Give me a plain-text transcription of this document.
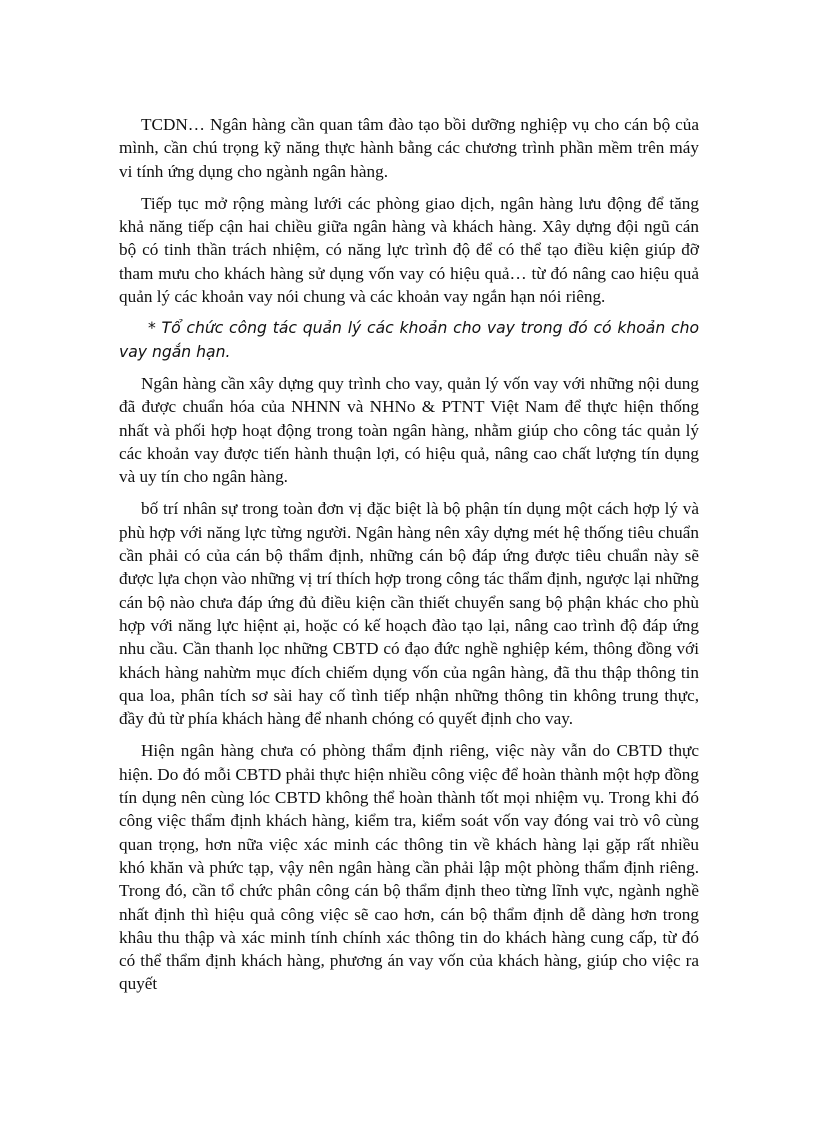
TCDN… Ngân hàng cần quan tâm đào tạo bồi dưỡng nghiệp vụ cho cán bộ của mình, cần chú trọng kỹ năng thực hành bằng các chương trình phần mềm trên máy vi tính ứng dụng cho ngành ngân hàng.

Tiếp tục mở rộng màng lưới các phòng giao dịch, ngân hàng lưu động để tăng khả năng tiếp cận hai chiều giữa ngân hàng và khách hàng. Xây dựng đội ngũ cán bộ có tinh thần trách nhiệm, có năng lực trình độ để có thể tạo điều kiện giúp đỡ tham mưu cho khách hàng sử dụng vốn vay có hiệu quả… từ đó nâng cao hiệu quả quản lý các khoản vay nói chung và các khoản vay ngắn hạn nói riêng.

* Tổ chức công tác quản lý các khoản cho vay trong đó có khoản cho vay ngắn hạn.

Ngân hàng cần xây dựng quy trình cho vay, quản lý vốn vay với những nội dung đã được chuẩn hóa của NHNN và NHNo & PTNT Việt Nam để thực hiện thống nhất và phối hợp hoạt động trong toàn ngân hàng, nhằm giúp cho công tác quản lý các khoản vay được tiến hành thuận lợi, có hiệu quả, nâng cao chất lượng tín dụng và uy tín cho ngân hàng.

bố trí nhân sự trong toàn đơn vị đặc biệt là bộ phận tín dụng một cách hợp lý và phù hợp với năng lực từng người. Ngân hàng nên xây dựng mét hệ thống tiêu chuẩn cần phải có của cán bộ thẩm định, những cán bộ đáp ứng được tiêu chuẩn này sẽ được lựa chọn vào những vị trí thích hợp trong công tác thẩm định, ngược lại những cán bộ nào chưa đáp ứng đủ điều kiện cần thiết chuyển sang bộ phận khác cho phù hợp với năng lực hiệnt ại, hoặc có kế hoạch đào tạo lại, nâng cao trình độ đáp ứng nhu cầu. Cần thanh lọc những CBTD có đạo đức nghề nghiệp kém, thông đồng với khách hàng nahừm mục đích chiếm dụng vốn của ngân hàng, đã thu thập thông tin qua loa, phân tích sơ sài hay cố tình tiếp nhận những thông tin không trung thực, đầy đủ từ phía khách hàng để nhanh chóng có quyết định cho vay.

Hiện ngân hàng chưa có phòng thẩm định riêng, việc này vẫn do CBTD thực hiện. Do đó mỗi CBTD phải thực hiện nhiều công việc để hoàn thành một hợp đồng tín dụng nên cùng lóc CBTD không thể hoàn thành tốt mọi nhiệm vụ. Trong khi đó công việc thẩm định khách hàng, kiểm tra, kiểm soát vốn vay đóng vai trò vô cùng quan trọng, hơn nữa việc xác minh các thông tin về khách hàng lại gặp rất nhiều khó khăn và phức tạp, vậy nên ngân hàng cần phải lập một phòng thẩm định riêng. Trong đó, cần tổ chức phân công cán bộ thẩm định theo từng lĩnh vực, ngành nghề nhất định thì hiệu quả công việc sẽ cao hơn, cán bộ thẩm định dễ dàng hơn trong khâu thu thập và xác minh tính chính xác thông tin do khách hàng cung cấp, từ đó có thể thẩm định khách hàng, phương án vay vốn của khách hàng, giúp cho việc ra quyết
